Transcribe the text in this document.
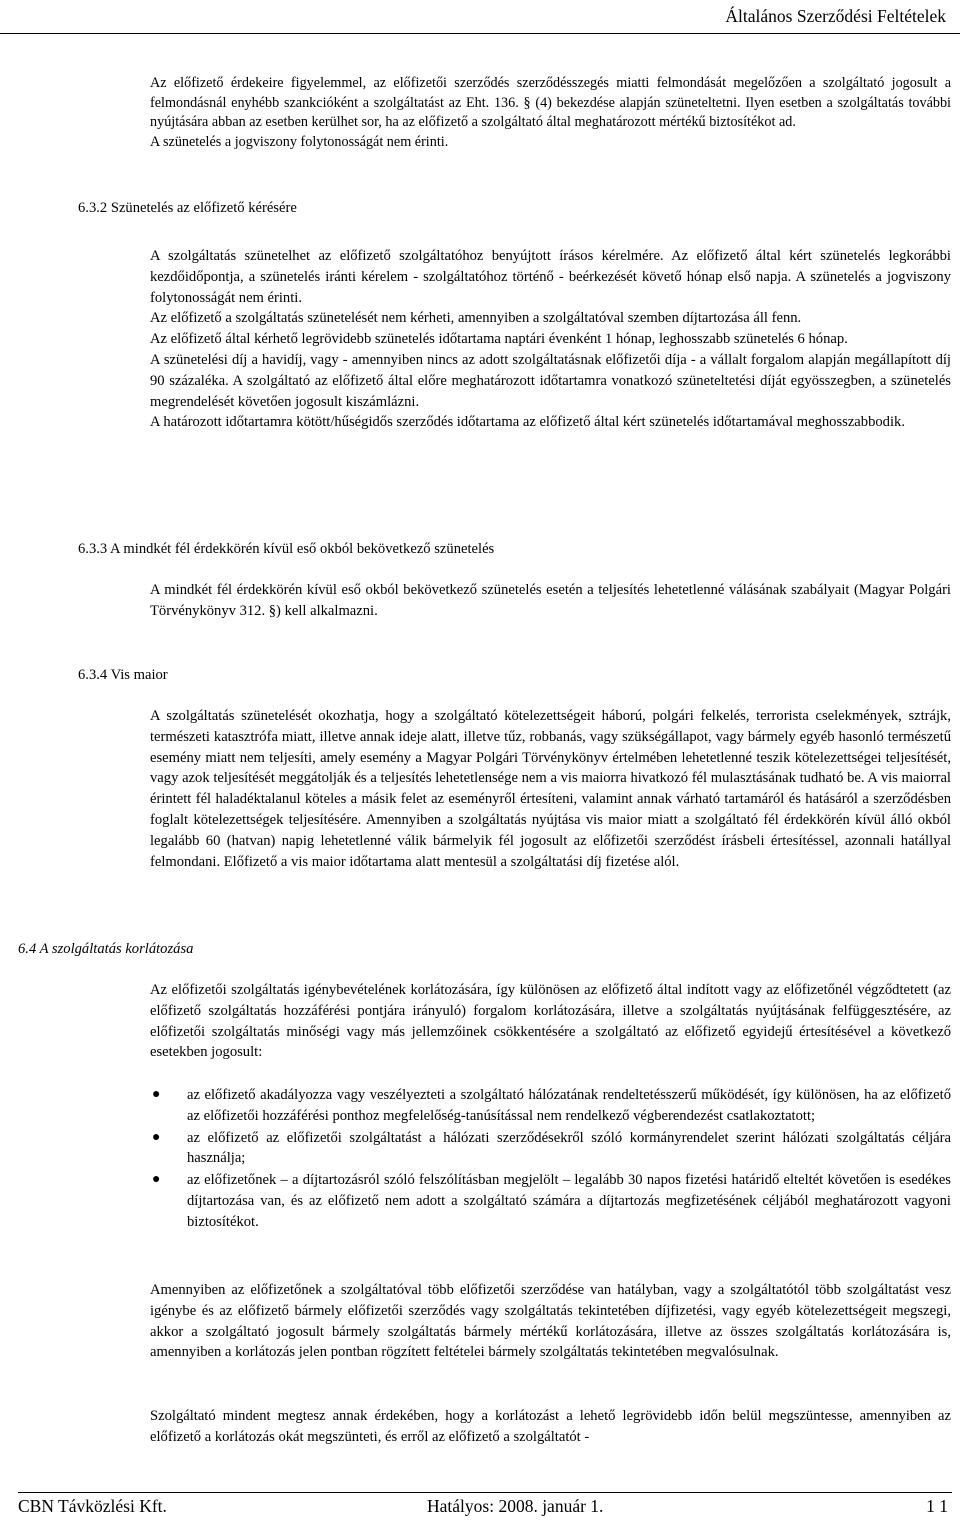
Általános Szerződési Feltételek

Az előfizető érdekeire figyelemmel, az előfizetői szerződés szerződésszegés miatti felmondását megelőzően a szolgáltató jogosult a felmondásnál enyhébb szankcióként a szolgáltatást az Eht. 136. § (4) bekezdése alapján szüneteltetni. Ilyen esetben a szolgáltatás további nyújtására abban az esetben kerülhet sor, ha az előfizető a szolgáltató által meghatározott mértékű biztosítékot ad.

A szünetelés a jogviszony folytonosságát nem érinti.

6.3.2 Szünetelés az előfizető kérésére

A szolgáltatás szünetelhet az előfizető szolgáltatóhoz benyújtott írásos kérelmére. Az előfizető által kért szünetelés legkorábbi kezdőidőpontja, a szünetelés iránti kérelem - szolgáltatóhoz történő - beérkezését követő hónap első napja. A szünetelés a jogviszony folytonosságát nem érinti.

Az előfizető a szolgáltatás szünetelését nem kérheti, amennyiben a szolgáltatóval szemben díjtartozása áll fenn.

Az előfizető által kérhető legrövidebb szünetelés időtartama naptári évenként 1 hónap, leghosszabb szünetelés 6 hónap.

A szünetelési díj a havidíj, vagy - amennyiben nincs az adott szolgáltatásnak előfizetői díja - a vállalt forgalom alapján megállapított díj 90 százaléka. A szolgáltató az előfizető által előre meghatározott időtartamra vonatkozó szüneteltetési díját egyösszegben, a szünetelés megrendelését követően jogosult kiszámlázni.

A határozott időtartamra kötött/hűségidős szerződés időtartama az előfizető által kért szünetelés időtartamával meghosszabbodik.

6.3.3 A mindkét fél érdekkörén kívül eső okból bekövetkező szünetelés

A mindkét fél érdekkörén kívül eső okból bekövetkező szünetelés esetén a teljesítés lehetetlenné válásának szabályait (Magyar Polgári Törvénykönyv 312. §) kell alkalmazni.

6.3.4 Vis maior

A szolgáltatás szünetelését okozhatja, hogy a szolgáltató kötelezettségeit háború, polgári felkelés, terrorista cselekmények, sztrájk, természeti katasztrófa miatt, illetve annak ideje alatt, illetve tűz, robbanás, vagy szükségállapot, vagy bármely egyéb hasonló természetű esemény miatt nem teljesíti, amely esemény a Magyar Polgári Törvénykönyv értelmében lehetetlenné teszik kötelezettségei teljesítését, vagy azok teljesítését meggátolják és a teljesítés lehetetlensége nem a vis maiorra hivatkozó fél mulasztásának tudható be. A vis maiorral érintett fél haladéktalanul köteles a másik felet az eseményről értesíteni, valamint annak várható tartamáról és hatásáról a szerződésben foglalt kötelezettségek teljesítésére. Amennyiben a szolgáltatás nyújtása vis maior miatt a szolgáltató fél érdekkörén kívül álló okból legalább 60 (hatvan) napig lehetetlenné válik bármelyik fél jogosult az előfizetői szerződést írásbeli értesítéssel, azonnali hatállyal felmondani. Előfizető a vis maior időtartama alatt mentesül a szolgáltatási díj fizetése alól.

6.4 A szolgáltatás korlátozása

Az előfizetői szolgáltatás igénybevételének korlátozására, így különösen az előfizető által indított vagy az előfizetőnél végződtetett (az előfizető szolgáltatás hozzáférési pontjára irányuló) forgalom korlátozására, illetve a szolgáltatás nyújtásának felfüggesztésére, az előfizetői szolgáltatás minőségi vagy más jellemzőinek csökkentésére a szolgáltató az előfizető egyidejű értesítésével a következő esetekben jogosult:

● az előfizető akadályozza vagy veszélyezteti a szolgáltató hálózatának rendeltetésszerű működését, így különösen, ha az előfizető az előfizetői hozzáférési ponthoz megfelelőség-tanúsítással nem rendelkező végberendezést csatlakoztatott;
● az előfizető az előfizetői szolgáltatást a hálózati szerződésekről szóló kormányrendelet szerint hálózati szolgáltatás céljára használja;
● az előfizetőnek – a díjtartozásról szóló felszólításban megjelölt – legalább 30 napos fizetési határidő elteltét követően is esedékes díjtartozása van, és az előfizető nem adott a szolgáltató számára a díjtartozás megfizetésének céljából meghatározott vagyoni biztosítékot.

Amennyiben az előfizetőnek a szolgáltatóval több előfizetői szerződése van hatályban, vagy a szolgáltatótól több szolgáltatást vesz igénybe és az előfizető bármely előfizetői szerződés vagy szolgáltatás tekintetében díjfizetési, vagy egyéb kötelezettségeit megszegi, akkor a szolgáltató jogosult bármely szolgáltatás bármely mértékű korlátozására, illetve az összes szolgáltatás korlátozására is, amennyiben a korlátozás jelen pontban rögzített feltételei bármely szolgáltatás tekintetében megvalósulnak.

Szolgáltató mindent megtesz annak érdekében, hogy a korlátozást a lehető legrövidebb időn belül megszüntesse, amennyiben az előfizető a korlátozás okát megszünteti, és erről az előfizető a szolgáltatót -

CBN Távközlési Kft.	Hatályos: 2008. január 1.	1 1
